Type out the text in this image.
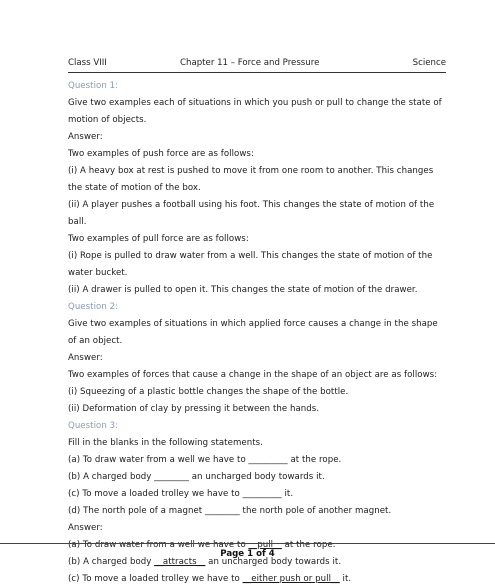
Class VIII	Chapter 11 – Force and Pressure	Science
Question 1:
Give two examples each of situations in which you push or pull to change the state of
motion of objects.
Answer:
Two examples of push force are as follows:
(i) A heavy box at rest is pushed to move it from one room to another. This changes
the state of motion of the box.
(ii) A player pushes a football using his foot. This changes the state of motion of the
ball.
Two examples of pull force are as follows:
(i) Rope is pulled to draw water from a well. This changes the state of motion of the
water bucket.
(ii) A drawer is pulled to open it. This changes the state of motion of the drawer.
Question 2:
Give two examples of situations in which applied force causes a change in the shape
of an object.
Answer:
Two examples of forces that cause a change in the shape of an object are as follows:
(i) Squeezing of a plastic bottle changes the shape of the bottle.
(ii) Deformation of clay by pressing it between the hands.
Question 3:
Fill in the blanks in the following statements.
(a) To draw water from a well we have to _________ at the rope.
(b) A charged body ________ an uncharged body towards it.
(c) To move a loaded trolley we have to _________ it.
(d) The north pole of a magnet ________ the north pole of another magnet.
Answer:
(a) To draw water from a well we have to __pull__ at the rope.
(b) A charged body __attracts__ an uncharged body towards it.
(c) To move a loaded trolley we have to __either push or pull__ it.
Page 1 of 4
